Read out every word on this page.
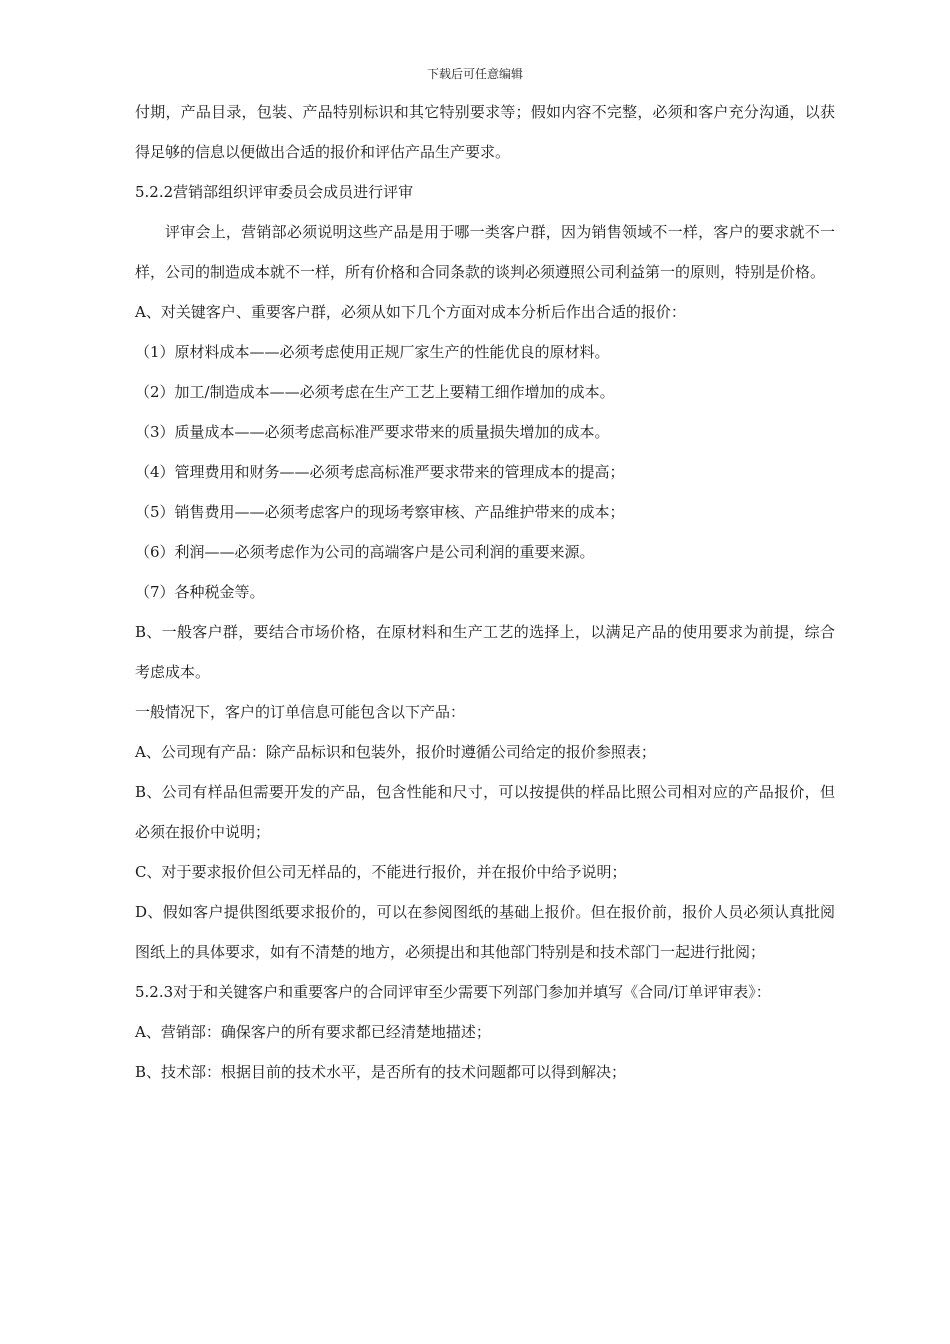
下载后可任意编辑

付期，产品目录，包装、产品特别标识和其它特别要求等；假如内容不完整，必须和客户充分沟通，以获得足够的信息以便做出合适的报价和评估产品生产要求。

5.2.2营销部组织评审委员会成员进行评审

评审会上，营销部必须说明这些产品是用于哪一类客户群，因为销售领域不一样，客户的要求就不一样，公司的制造成本就不一样，所有价格和合同条款的谈判必须遵照公司利益第一的原则，特别是价格。

A、对关键客户、重要客户群，必须从如下几个方面对成本分析后作出合适的报价：

（1）原材料成本——必须考虑使用正规厂家生产的性能优良的原材料。

（2）加工/制造成本——必须考虑在生产工艺上要精工细作增加的成本。

（3）质量成本——必须考虑高标准严要求带来的质量损失增加的成本。

（4）管理费用和财务——必须考虑高标准严要求带来的管理成本的提高；

（5）销售费用——必须考虑客户的现场考察审核、产品维护带来的成本；

（6）利润——必须考虑作为公司的高端客户是公司利润的重要来源。

（7）各种税金等。

B、一般客户群，要结合市场价格，在原材料和生产工艺的选择上，以满足产品的使用要求为前提，综合考虑成本。

一般情况下，客户的订单信息可能包含以下产品：

A、公司现有产品：除产品标识和包装外，报价时遵循公司给定的报价参照表；

B、公司有样品但需要开发的产品，包含性能和尺寸，可以按提供的样品比照公司相对应的产品报价，但必须在报价中说明；

C、对于要求报价但公司无样品的，不能进行报价，并在报价中给予说明；

D、假如客户提供图纸要求报价的，可以在参阅图纸的基础上报价。但在报价前，报价人员必须认真批阅图纸上的具体要求，如有不清楚的地方，必须提出和其他部门特别是和技术部门一起进行批阅；

5.2.3对于和关键客户和重要客户的合同评审至少需要下列部门参加并填写《合同/订单评审表》：

A、营销部：确保客户的所有要求都已经清楚地描述；

B、技术部：根据目前的技术水平，是否所有的技术问题都可以得到解决；
